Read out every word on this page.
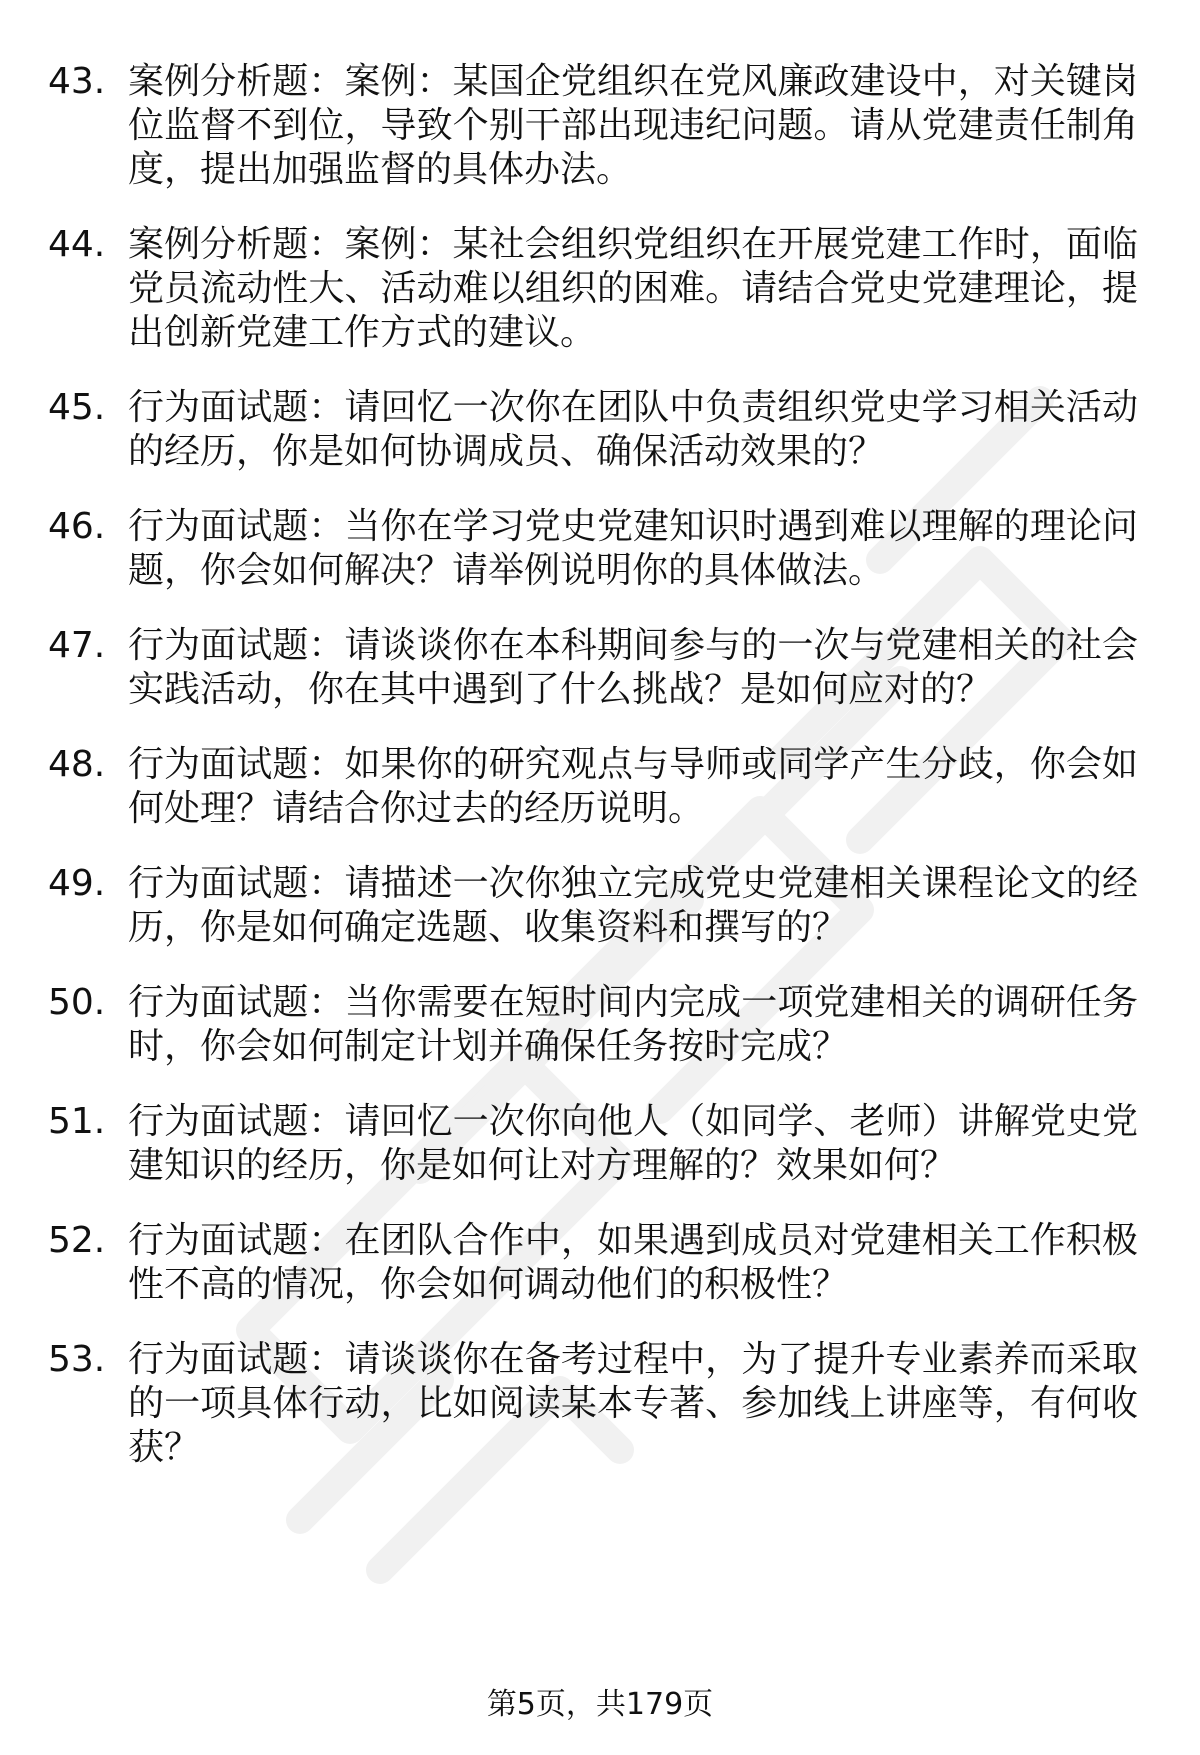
43. 案例分析题：案例：某国企党组织在党风廉政建设中，对关键岗位监督不到位，导致个别干部出现违纪问题。请从党建责任制角度，提出加强监督的具体办法。
44. 案例分析题：案例：某社会组织党组织在开展党建工作时，面临党员流动性大、活动难以组织的困难。请结合党史党建理论，提出创新党建工作方式的建议。
45. 行为面试题：请回忆一次你在团队中负责组织党史学习相关活动的经历，你是如何协调成员、确保活动效果的？
46. 行为面试题：当你在学习党史党建知识时遇到难以理解的理论问题，你会如何解决？请举例说明你的具体做法。
47. 行为面试题：请谈谈你在本科期间参与的一次与党建相关的社会实践活动，你在其中遇到了什么挑战？是如何应对的？
48. 行为面试题：如果你的研究观点与导师或同学产生分歧，你会如何处理？请结合你过去的经历说明。
49. 行为面试题：请描述一次你独立完成党史党建相关课程论文的经历，你是如何确定选题、收集资料和撰写的？
50. 行为面试题：当你需要在短时间内完成一项党建相关的调研任务时，你会如何制定计划并确保任务按时完成？
51. 行为面试题：请回忆一次你向他人（如同学、老师）讲解党史党建知识的经历，你是如何让对方理解的？效果如何？
52. 行为面试题：在团队合作中，如果遇到成员对党建相关工作积极性不高的情况，你会如何调动他们的积极性？
53. 行为面试题：请谈谈你在备考过程中，为了提升专业素养而采取的一项具体行动，比如阅读某本专著、参加线上讲座等，有何收获？
第5页，共179页
